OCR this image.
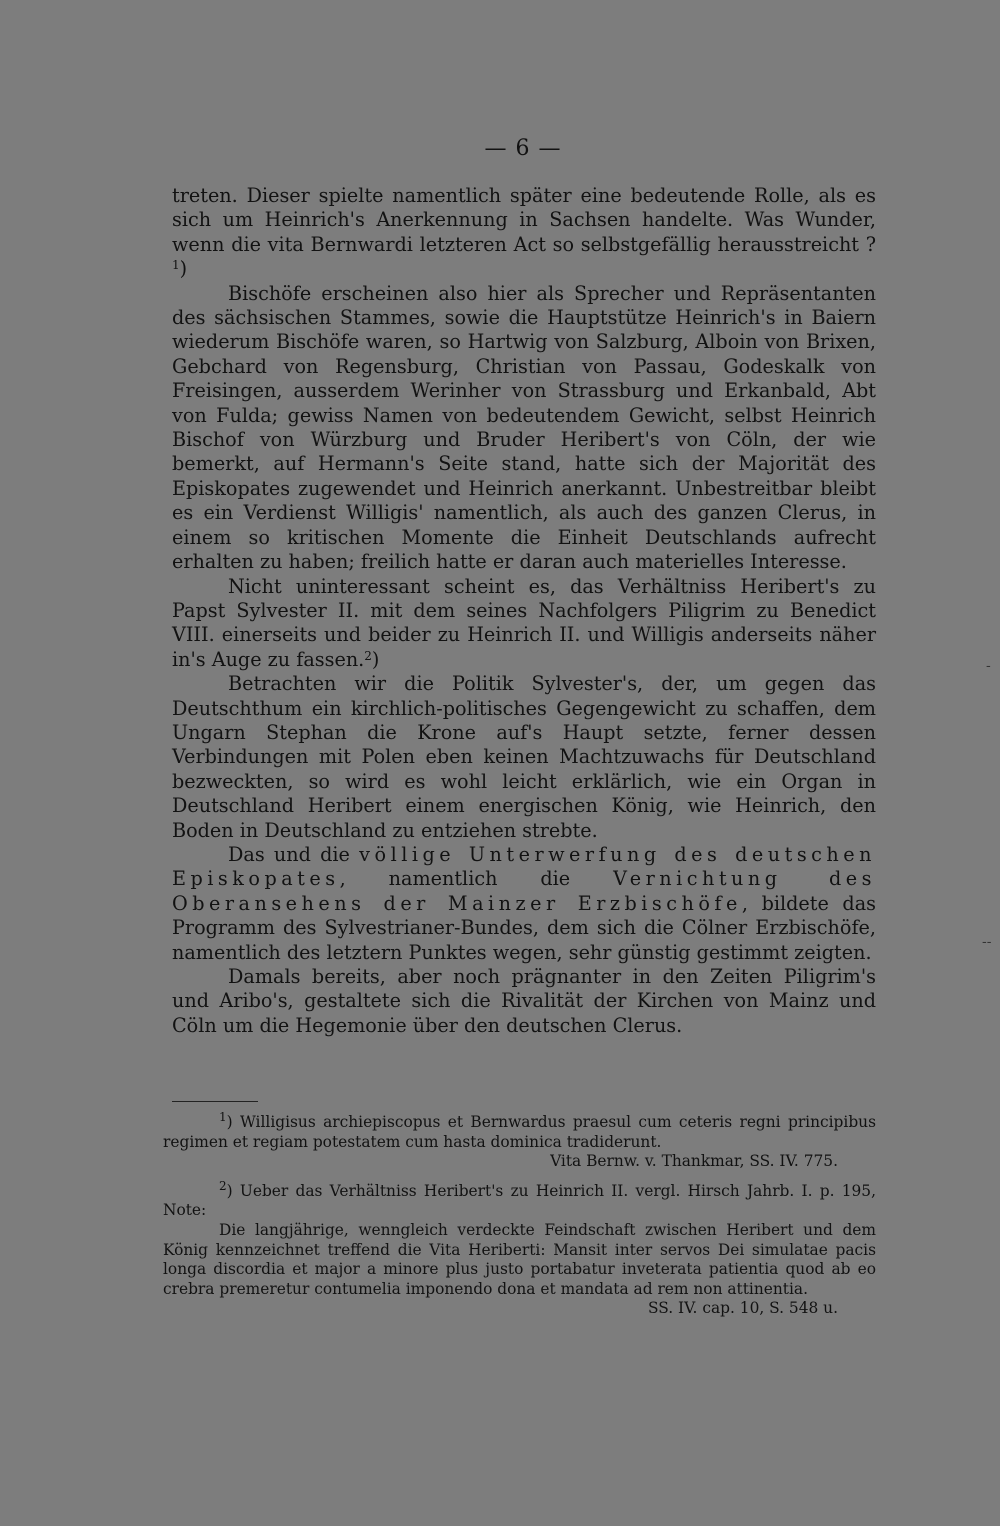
— 6 —

treten. Dieser spielte namentlich später eine bedeutende Rolle, als es sich um Heinrich's Anerkennung in Sachsen handelte. Was Wunder, wenn die vita Bernwardi letzteren Act so selbstgefällig herausstreicht ? $^1$)

Bischöfe erscheinen also hier als Sprecher und Repräsentanten des sächsischen Stammes, sowie die Hauptstütze Heinrich's in Baiern wiederum Bischöfe waren, so Hartwig von Salzburg, Alboin von Brixen, Gebchard von Regensburg, Christian von Passau, Godeskalk von Freisingen, ausserdem Werinher von Strassburg und Erkanbald, Abt von Fulda; gewiss Namen von bedeutendem Gewicht, selbst Heinrich Bischof von Würzburg und Bruder Heribert's von Cöln, der wie bemerkt, auf Hermann's Seite stand, hatte sich der Majorität des Episkopates zugewendet und Heinrich anerkannt. Unbestreitbar bleibt es ein Verdienst Willigis' namentlich, als auch des ganzen Clerus, in einem so kritischen Momente die Einheit Deutschlands aufrecht erhalten zu haben; freilich hatte er daran auch materielles Interesse.

Nicht uninteressant scheint es, das Verhältniss Heribert's zu Papst Sylvester II. mit dem seines Nachfolgers Piligrim zu Benedict VIII. einerseits und beider zu Heinrich II. und Willigis anderseits näher in's Auge zu fassen.$^2$)

Betrachten wir die Politik Sylvester's, der, um gegen das Deutschthum ein kirchlich-politisches Gegengewicht zu schaffen, dem Ungarn Stephan die Krone auf's Haupt setzte, ferner dessen Verbindungen mit Polen eben keinen Machtzuwachs für Deutschland bezweckten, so wird es wohl leicht erklärlich, wie ein Organ in Deutschland Heribert einem energischen König, wie Heinrich, den Boden in Deutschland zu entziehen strebte.

Das und die völlige Unterwerfung des deutschen Episkopates, namentlich die Vernichtung des Oberansehens der Mainzer Erzbischöfe, bildete das Programm des Sylvestrianer-Bundes, dem sich die Cölner Erzbischöfe, namentlich des letztern Punktes wegen, sehr günstig gestimmt zeigten.

Damals bereits, aber noch prägnanter in den Zeiten Piligrim's und Aribo's, gestaltete sich die Rivalität der Kirchen von Mainz und Cöln um die Hegemonie über den deutschen Clerus.

$^1$) Willigisus archiepiscopus et Bernwardus praesul cum ceteris regni principibus regimen et regiam potestatem cum hasta dominica tradiderunt.

Vita Bernw. v. Thankmar, SS. IV. 775.

$^2$) Ueber das Verhältniss Heribert's zu Heinrich II. vergl. Hirsch Jahrb. I. p. 195, Note:

Die langjährige, wenngleich verdeckte Feindschaft zwischen Heribert und dem König kennzeichnet treffend die Vita Heriberti: Mansit inter servos Dei simulatae pacis longa discordia et major a minore plus justo portabatur inveterata patientia quod ab eo crebra premeretur contumelia imponendo dona et mandata ad rem non attinentia.

SS. IV. cap. 10, S. 548 u.

-
--
